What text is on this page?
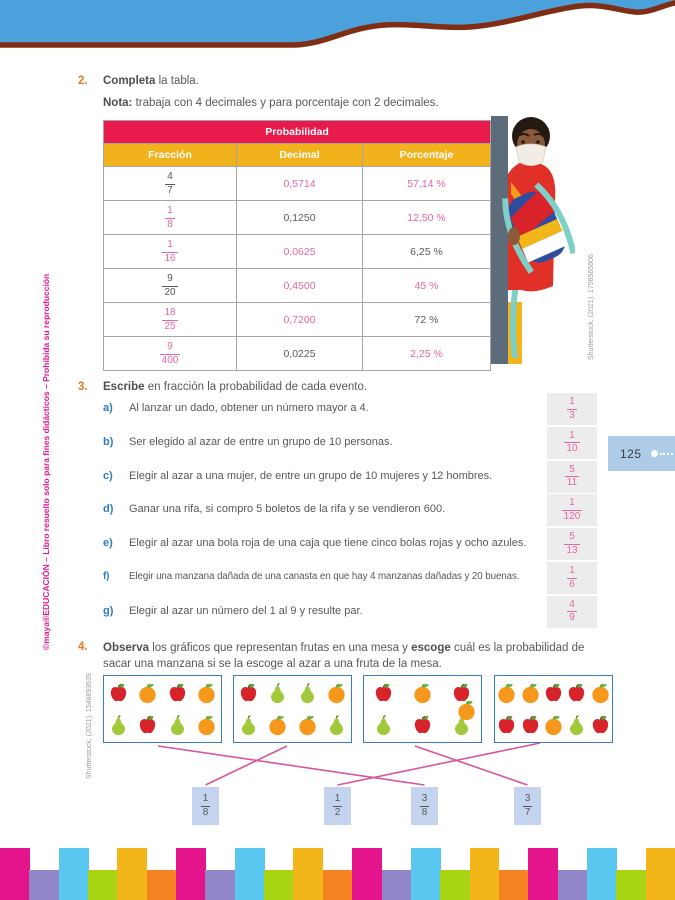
©maya®EDUCACIÓN – Libro resuelto solo para fines didácticos – Prohibida su reproducción
2.	Completa la tabla.
Nota: trabaja con 4 decimales y para porcentaje con 2 decimales.
Probabilidad		
Fracción	Decimal	Porcentaje

$\frac{4}{7}$	0,5714	57,14 %

$\frac{1}{8}$	0,1250	12,50 %

$\frac{1}{16}$	0,0625	6,25 %

$\frac{9}{20}$	0,4500	45 %

$\frac{18}{25}$	0,7200	72 %

$\frac{9}{400}$	0,0225	2,25 %	Shutterstock, (2021). 1798565806
3.	Escribe en fracción la probabilidad de cada evento.
a) Al lanzar un dado, obtener un número mayor a 4.	$\frac{1}{3}$
b) Ser elegido al azar de entre un grupo de 10 personas.	$\frac{1}{10}$
c) Elegir al azar a una mujer, de entre un grupo de 10 mujeres y 12 hombres.	$\frac{5}{11}$
d) Ganar una rifa, si compro 5 boletos de la rifa y se vendieron 600.	$\frac{1}{120}$
e) Elegir al azar una bola roja de una caja que tiene cinco bolas rojas y ocho azules.	$\frac{5}{13}$
f) Elegir una manzana dañada de una canasta en que hay 4 manzanas dañadas y 20 buenas.	$\frac{1}{6}$
g) Elegir al azar un número del 1 al 9 y resulte par.	$\frac{4}{9}$
125
4.	Observa los gráficos que representan frutas en una mesa y escoge cuál es la probabilidad de sacar una manzana si se la escoge al azar a una fruta de la mesa.
Shutterstock, (2021). 1548893639
$\frac{1}{8}$	$\frac{1}{2}$	$\frac{3}{8}$	$\frac{3}{7}$
